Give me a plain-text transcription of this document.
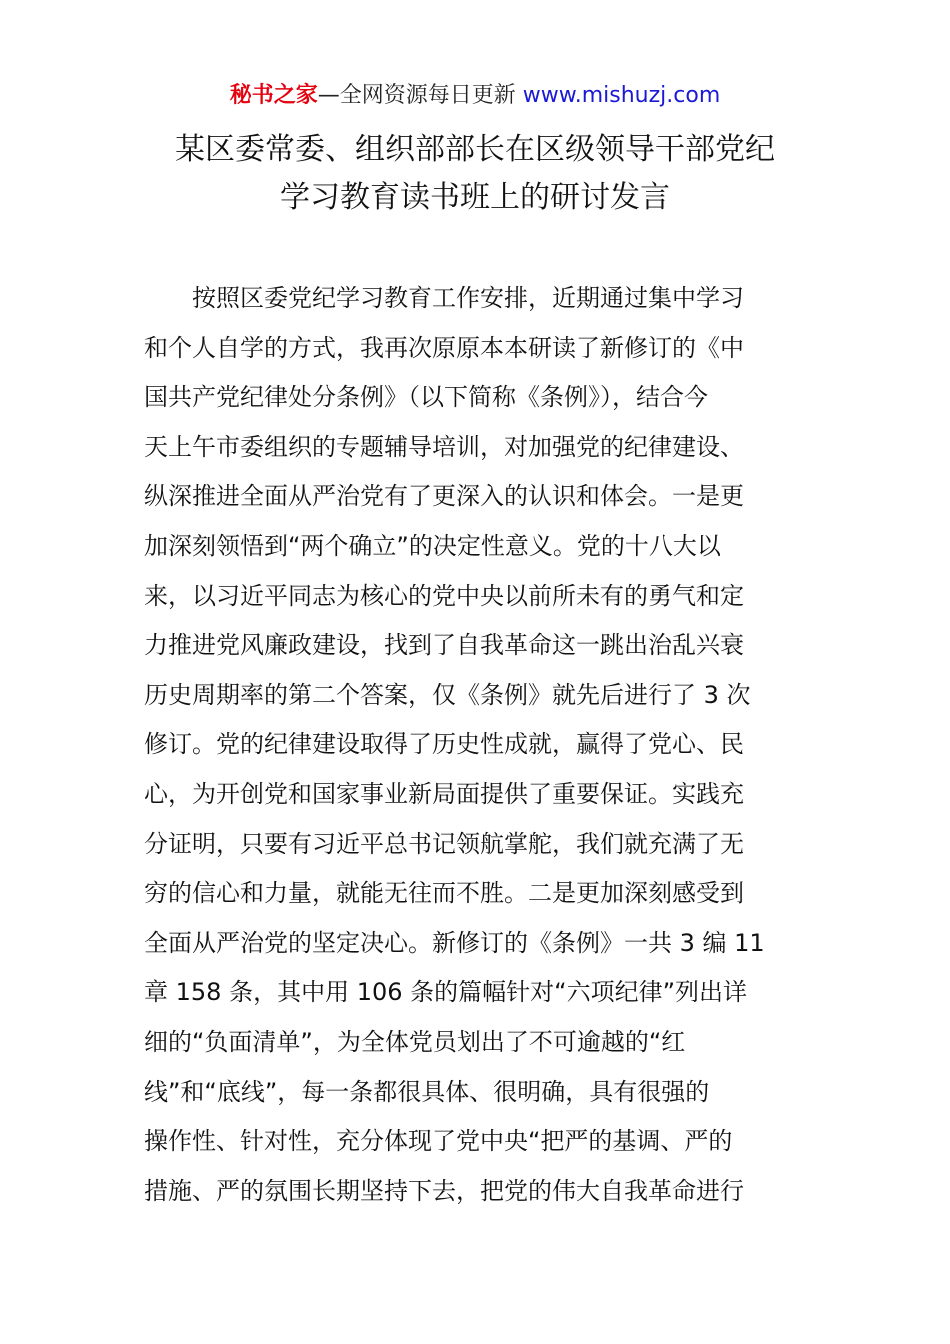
秘书之家—全网资源每日更新 www.mishuzj.com
某区委常委、组织部部长在区级领导干部党纪
学习教育读书班上的研讨发言
按照区委党纪学习教育工作安排，近期通过集中学习
和个人自学的方式，我再次原原本本研读了新修订的《中
国共产党纪律处分条例》（以下简称《条例》），结合今
天上午市委组织的专题辅导培训，对加强党的纪律建设、
纵深推进全面从严治党有了更深入的认识和体会。一是更
加深刻领悟到“两个确立”的决定性意义。党的十八大以
来，以习近平同志为核心的党中央以前所未有的勇气和定
力推进党风廉政建设，找到了自我革命这一跳出治乱兴衰
历史周期率的第二个答案，仅《条例》就先后进行了 3 次
修订。党的纪律建设取得了历史性成就，赢得了党心、民
心，为开创党和国家事业新局面提供了重要保证。实践充
分证明，只要有习近平总书记领航掌舵，我们就充满了无
穷的信心和力量，就能无往而不胜。二是更加深刻感受到
全面从严治党的坚定决心。新修订的《条例》一共 3 编 11
章 158 条，其中用 106 条的篇幅针对“六项纪律”列出详
细的“负面清单”，为全体党员划出了不可逾越的“红
线”和“底线”，每一条都很具体、很明确，具有很强的
操作性、针对性，充分体现了党中央“把严的基调、严的
措施、严的氛围长期坚持下去，把党的伟大自我革命进行
